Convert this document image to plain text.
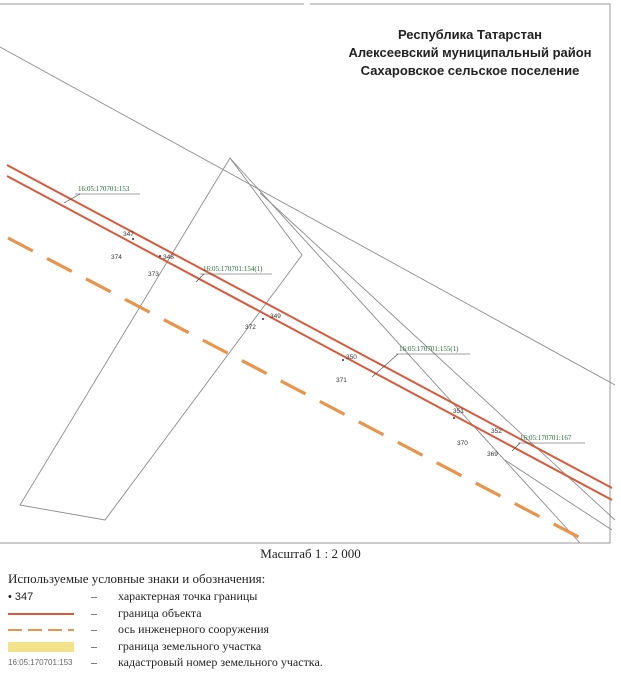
16:05:170701:153
16:05:170701:154(1)
16:05:170701:155(1)
16:05:170701:167
347
374	348
373
349
372
350
371
351
352
370
369
Республика Татарстан
Алексеевский муниципальный район
Сахаровское сельское поселение
Масштаб 1 : 2 000
Используемые условные знаки и обозначения:
• 347	– характерная точка границы
– граница объекта
– ось инженерного сооружения
– граница земельного участка
16:05:170701:153	– кадастровый номер земельного участка.
